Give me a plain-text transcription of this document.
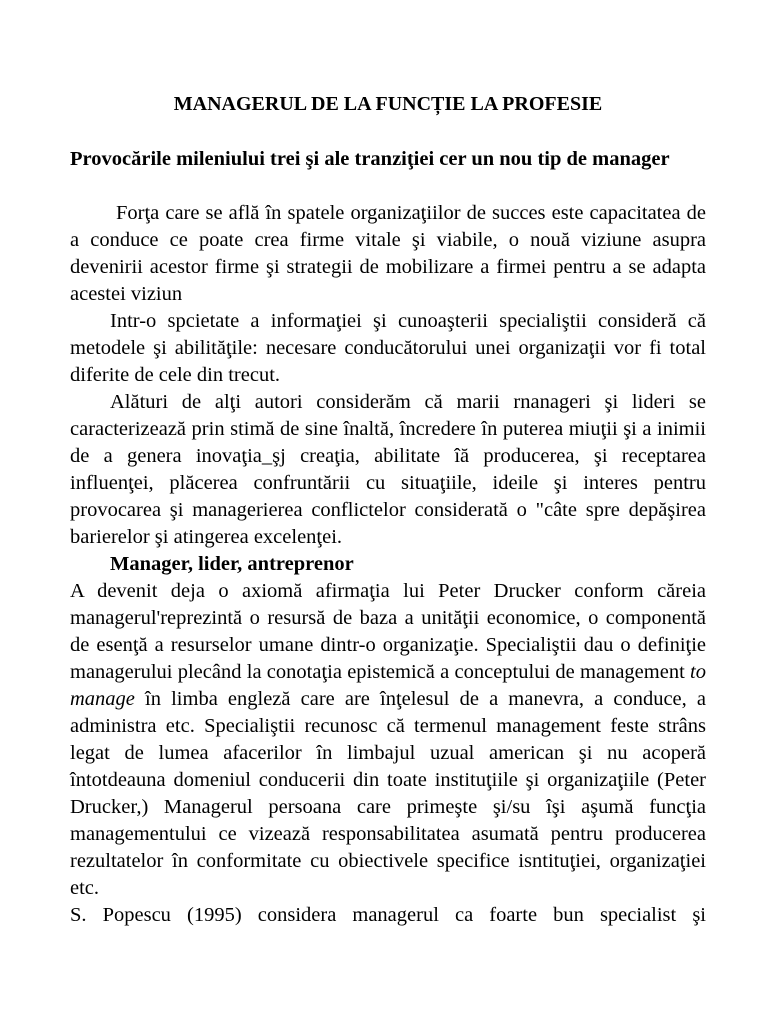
MANAGERUL DE LA FUNCȚIE LA PROFESIE

Provocările mileniului trei şi ale tranziţiei cer un nou tip de manager

Forţa care se află în spatele organizaţiilor de succes este capacitatea de a conduce ce poate crea firme vitale şi viabile, o nouă viziune asupra devenirii acestor firme şi strategii de mobilizare a firmei pentru a se adapta acestei viziun

Intr-o spcietate a informaţiei şi cunoaşterii specialiştii consideră că metodele şi abilităţile: necesare conducătorului unei organizaţii vor fi total diferite de cele din trecut.

Alături de alţi autori considerăm că marii rnanageri şi lideri se caracterizează prin stimă de sine înaltă, încredere în puterea miuţii şi a inimii de a genera inovaţia_şj creaţia, abilitate îă producerea, şi receptarea influenţei, plăcerea confruntării cu situaţiile, ideile şi interes pentru provocarea şi managerierea conflictelor considerată o "câte spre depăşirea barierelor şi atingerea excelenţei.

Manager, lider, antreprenor

A devenit deja o axiomă afirmaţia lui Peter Drucker conform căreia managerul'reprezintă o resursă de baza a unităţii economice, o componentă de esenţă a resurselor umane dintr-o organizaţie. Specialiştii dau o definiţie managerului plecând la conotaţia epistemică a conceptului de management to manage în limba engleză care are înţelesul de a manevra, a conduce, a administra etc. Specialiştii recunosc că termenul management feste strâns legat de lumea afacerilor în limbajul uzual american şi nu acoperă întotdeauna domeniul conducerii din toate instituţiile şi organizaţiile (Peter Drucker,) Managerul persoana care primeşte şi/su îşi aşumă funcţia managementului ce vizează responsabilitatea asumată pentru producerea rezultatelor în conformitate cu obiectivele specifice isntituţiei, organizaţiei etc.

S. Popescu (1995) considera managerul ca foarte bun specialist şi
